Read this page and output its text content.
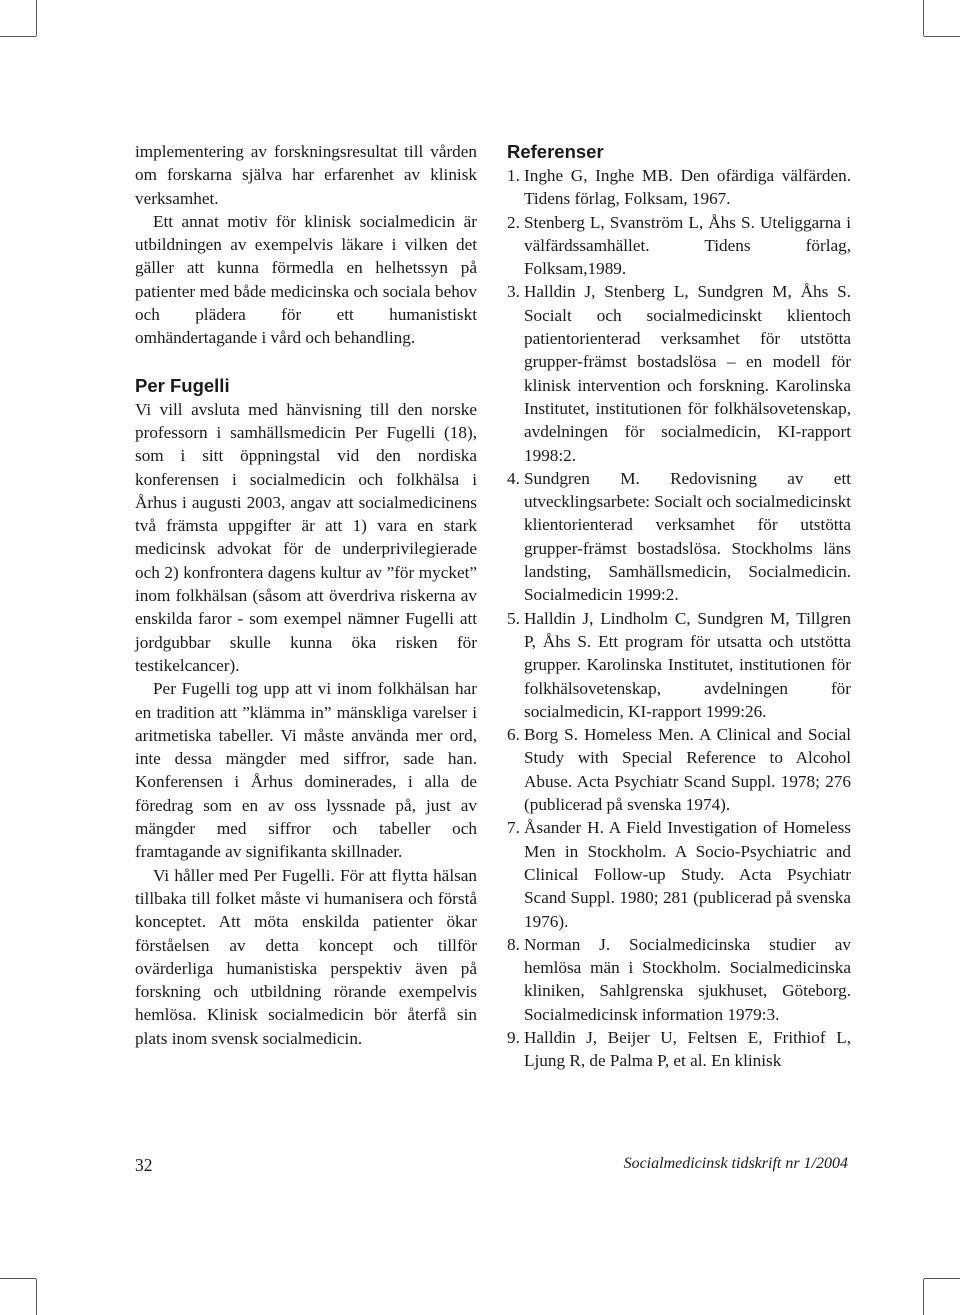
implementering av forskningsresultat till vården om forskarna själva har erfarenhet av klinisk verksamhet.

Ett annat motiv för klinisk socialmedicin är utbildningen av exempelvis läkare i vilken det gäller att kunna förmedla en helhetssyn på patienter med både medicinska och sociala behov och plädera för ett humanistiskt omhändertagande i vård och behandling.

Per Fugelli

Vi vill avsluta med hänvisning till den norske professorn i samhällsmedicin Per Fugelli (18), som i sitt öppningstal vid den nordiska konferensen i socialmedicin och folkhälsa i Århus i augusti 2003, angav att socialmedicinens två främsta uppgifter är att 1) vara en stark medicinsk advokat för de underprivilegierade och 2) konfrontera dagens kultur av ”för mycket” inom folkhälsan (såsom att överdriva riskerna av enskilda faror - som exempel nämner Fugelli att jordgubbar skulle kunna öka risken för testikelcancer).

Per Fugelli tog upp att vi inom folkhälsan har en tradition att ”klämma in” mänskliga varelser i aritmetiska tabeller. Vi måste använda mer ord, inte dessa mängder med siffror, sade han. Konferensen i Århus dominerades, i alla de föredrag som en av oss lyssnade på, just av mängder med siffror och tabeller och framtagande av signifikanta skillnader.

Vi håller med Per Fugelli. För att flytta hälsan tillbaka till folket måste vi humanisera och förstå konceptet. Att möta enskilda patienter ökar förståelsen av detta koncept och tillför ovärderliga humanistiska perspektiv även på forskning och utbildning rörande exempelvis hemlösa. Klinisk socialmedicin bör återfå sin plats inom svensk socialmedicin.

Referenser
1. Inghe G, Inghe MB. Den ofärdiga välfärden. Tidens förlag, Folksam, 1967.
2. Stenberg L, Svanström L, Åhs S. Uteliggarna i välfärdssamhället. Tidens förlag, Folksam,1989.
3. Halldin J, Stenberg L, Sundgren M, Åhs S. Socialt och socialmedicinskt klientoch patientorienterad verksamhet för utstötta grupper-främst bostadslösa – en modell för klinisk intervention och forskning. Karolinska Institutet, institutionen för folkhälsovetenskap, avdelningen för socialmedicin, KI-rapport 1998:2.
4. Sundgren M. Redovisning av ett utvecklingsarbete: Socialt och socialmedicinskt klientorienterad verksamhet för utstötta grupper-främst bostadslösa. Stockholms läns landsting, Samhällsmedicin, Socialmedicin. Socialmedicin 1999:2.
5. Halldin J, Lindholm C, Sundgren M, Tillgren P, Åhs S. Ett program för utsatta och utstötta grupper. Karolinska Institutet, institutionen för folkhälsovetenskap, avdelningen för socialmedicin, KI-rapport 1999:26.
6. Borg S. Homeless Men. A Clinical and Social Study with Special Reference to Alcohol Abuse. Acta Psychiatr Scand Suppl. 1978; 276 (publicerad på svenska 1974).
7. Åsander H. A Field Investigation of Homeless Men in Stockholm. A Socio-Psychiatric and Clinical Follow-up Study. Acta Psychiatr Scand Suppl. 1980; 281 (publicerad på svenska 1976).
8. Norman J. Socialmedicinska studier av hemlösa män i Stockholm. Socialmedicinska kliniken, Sahlgrenska sjukhuset, Göteborg. Socialmedicinsk information 1979:3.
9. Halldin J, Beijer U, Feltsen E, Frithiof L, Ljung R, de Palma P, et al. En klinisk
32	Socialmedicinsk tidskrift nr 1/2004
